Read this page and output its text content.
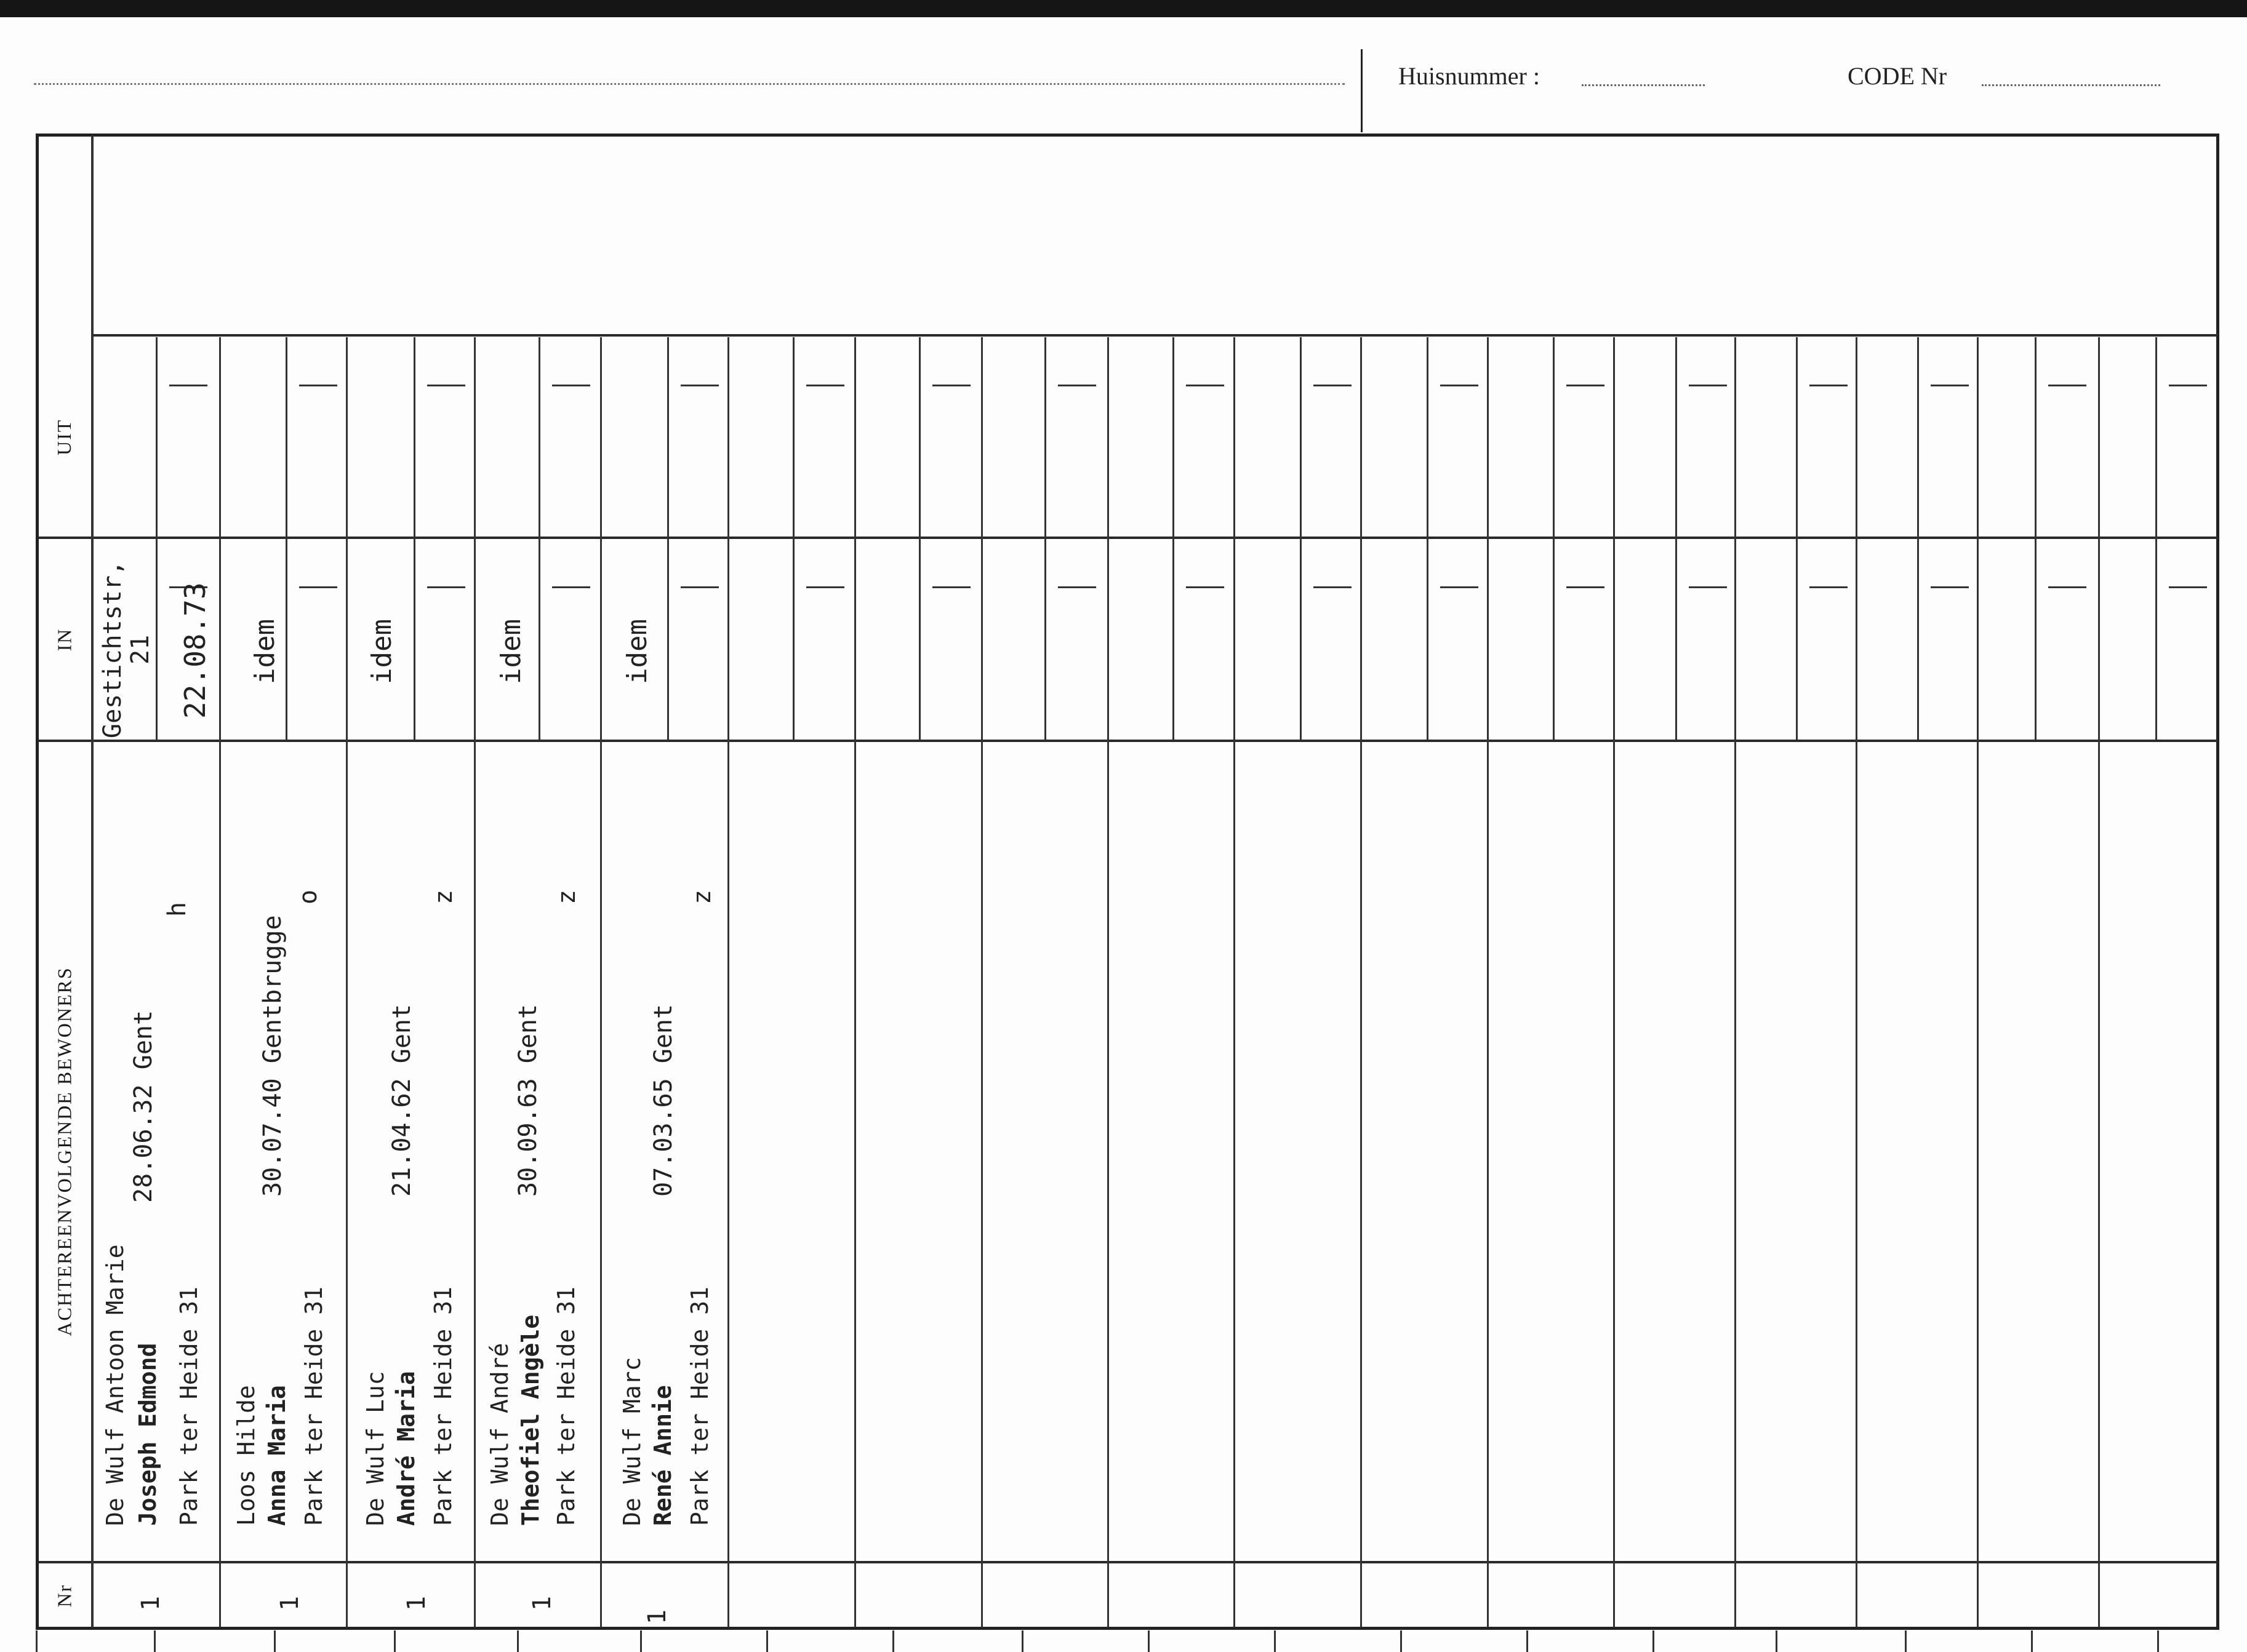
Huisnummer :	CODE Nr
UIT
IN
ACHTEREENVOLGENDE BEWONERS
Nr
Gestichtstr, 21 22.08.73
De Wulf Antoon Marie Joseph Edmond Park ter Heide 31
28.06.32 Gent
h
1
idem
Loos Hilde Anna Maria Park ter Heide 31
30.07.40 Gentbrugge
o
1
idem
De Wulf Luc André Maria Park ter Heide 31
21.04.62 Gent
z
1
idem
De Wulf André Theofiel Angèle Park ter Heide 31
30.09.63 Gent
z
1
idem
De Wulf Marc René Annie Park ter Heide 31
07.03.65 Gent
z
1
